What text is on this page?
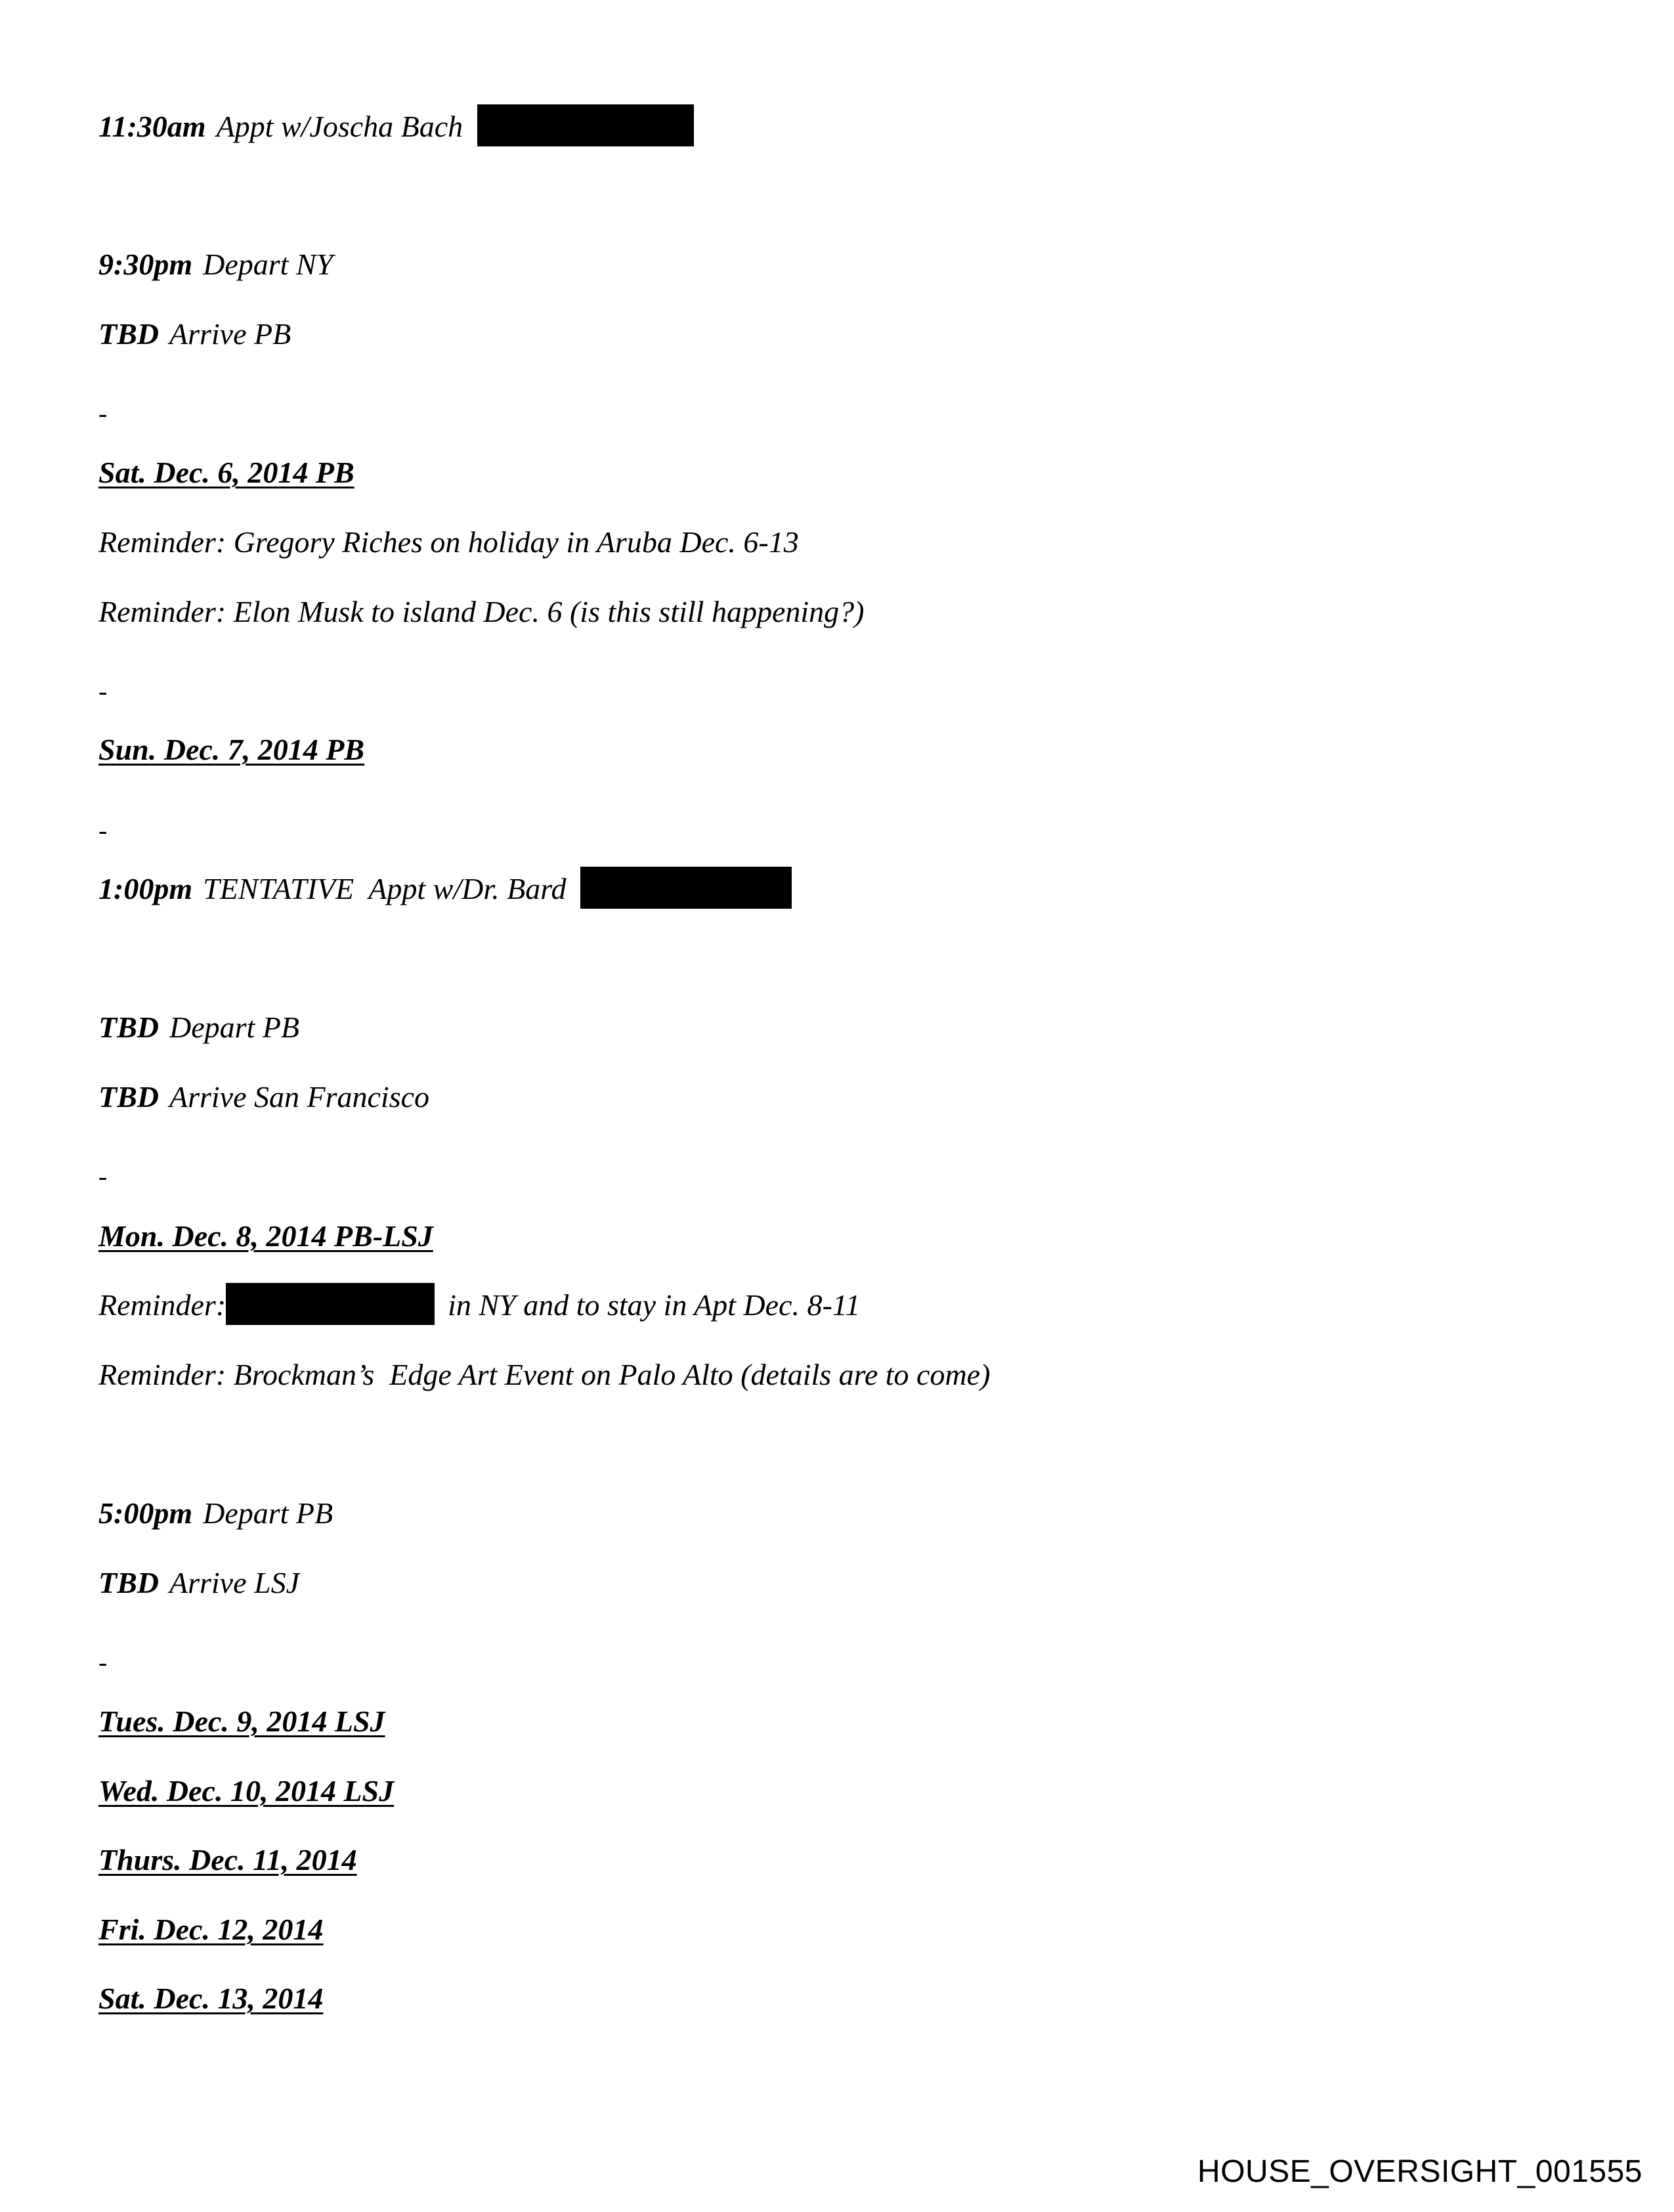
11:30am Appt w/Joscha Bach
9:30pm Depart NY
TBD Arrive PB
-
Sat. Dec. 6, 2014 PB
Reminder: Gregory Riches on holiday in Aruba Dec. 6-13
Reminder: Elon Musk to island Dec. 6 (is this still happening?)
-
Sun. Dec. 7, 2014 PB
-
1:00pm TENTATIVE  Appt w/Dr. Bard
TBD Depart PB
TBD Arrive San Francisco
-
Mon. Dec. 8, 2014 PB-LSJ
Reminder:	in NY and to stay in Apt Dec. 8-11
Reminder: Brockman’s  Edge Art Event on Palo Alto (details are to come)
5:00pm Depart PB
TBD Arrive LSJ
-
Tues. Dec. 9, 2014 LSJ
Wed. Dec. 10, 2014 LSJ
Thurs. Dec. 11, 2014
Fri. Dec. 12, 2014
Sat. Dec. 13, 2014
HOUSE_OVERSIGHT_001555
